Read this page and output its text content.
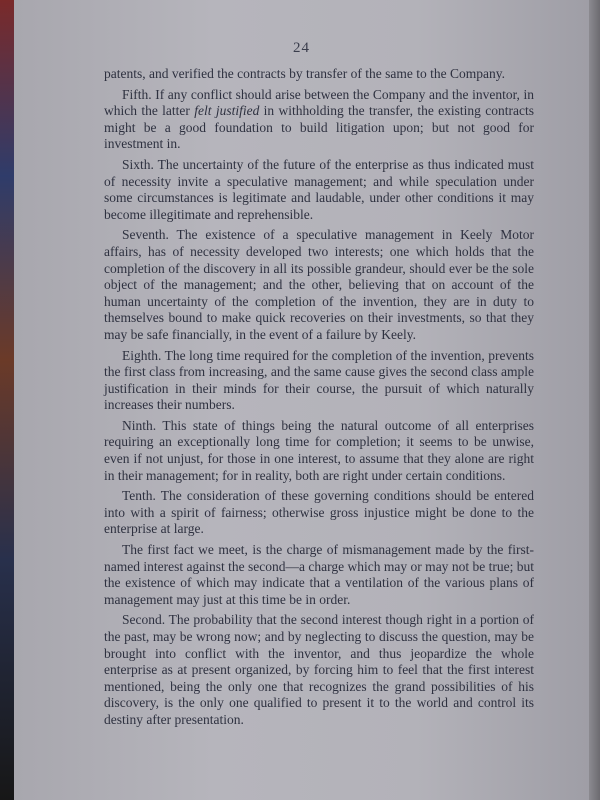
24

patents, and verified the contracts by transfer of the same to the Company.

Fifth. If any conflict should arise between the Company and the inventor, in which the latter felt justified in withholding the transfer, the existing contracts might be a good foundation to build litigation upon; but not good for investment in.

Sixth. The uncertainty of the future of the enterprise as thus indicated must of necessity invite a speculative management; and while speculation under some circumstances is legitimate and laudable, under other conditions it may become illegitimate and reprehensible.

Seventh. The existence of a speculative management in Keely Motor affairs, has of necessity developed two interests; one which holds that the completion of the discovery in all its possible grandeur, should ever be the sole object of the management; and the other, believing that on account of the human uncertainty of the completion of the invention, they are in duty to themselves bound to make quick recoveries on their investments, so that they may be safe financially, in the event of a failure by Keely.

Eighth. The long time required for the completion of the invention, prevents the first class from increasing, and the same cause gives the second class ample justification in their minds for their course, the pursuit of which naturally increases their numbers.

Ninth. This state of things being the natural outcome of all enterprises requiring an exceptionally long time for completion; it seems to be unwise, even if not unjust, for those in one interest, to assume that they alone are right in their management; for in reality, both are right under certain conditions.

Tenth. The consideration of these governing conditions should be entered into with a spirit of fairness; otherwise gross injustice might be done to the enterprise at large.

The first fact we meet, is the charge of mismanagement made by the first-named interest against the second—a charge which may or may not be true; but the existence of which may indicate that a ventilation of the various plans of management may just at this time be in order.

Second. The probability that the second interest though right in a portion of the past, may be wrong now; and by neglecting to discuss the question, may be brought into conflict with the inventor, and thus jeopardize the whole enterprise as at present organized, by forcing him to feel that the first interest mentioned, being the only one that recognizes the grand possibilities of his discovery, is the only one qualified to present it to the world and control its destiny after presentation.
